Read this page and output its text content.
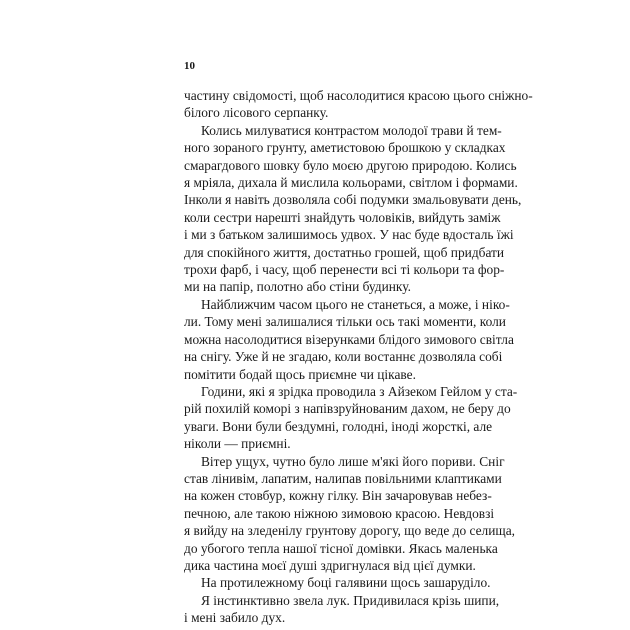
10
частину свідомості, щоб насолодитися красою цього сніжно-
білого лісового серпанку.
Колись милуватися контрастом молодої трави й тем-
ного зораного грунту, аметистовою брошкою у складках
смарагдового шовку було моєю другою природою. Колись
я мріяла, дихала й мислила кольорами, світлом і формами.
Інколи я навіть дозволяла собі подумки змальовувати день,
коли сестри нарешті знайдуть чоловіків, вийдуть заміж
і ми з батьком залишимось удвох. У нас буде вдосталь їжі
для спокійного життя, достатньо грошей, щоб придбати
трохи фарб, і часу, щоб перенести всі ті кольори та фор-
ми на папір, полотно або стіни будинку.
Найближчим часом цього не станеться, а може, і ніко-
ли. Тому мені залишалися тільки ось такі моменти, коли
можна насолодитися візерунками блідого зимового світла
на снігу. Уже й не згадаю, коли востаннє дозволяла собі
помітити бодай щось приємне чи цікаве.
Години, які я зрідка проводила з Айзеком Гейлом у ста-
рій похилій коморі з напівзруйнованим дахом, не беру до
уваги. Вони були бездумні, голодні, іноді жорсткі, але
ніколи — приємні.
Вітер ущух, чутно було лише м'які його пориви. Сніг
став лінивім, лапатим, налипав повільними клаптиками
на кожен стовбур, кожну гілку. Він зачаровував небез-
печною, але такою ніжною зимовою красою. Невдовзі
я вийду на зледенілу грунтову дорогу, що веде до селища,
до убогого тепла нашої тісної домівки. Якась маленька
дика частина моєї душі здригнулася від цієї думки.
На протилежному боці галявини щось зашаруділо.
Я інстинктивно звела лук. Придивилася крізь шипи,
і мені забило дух.
